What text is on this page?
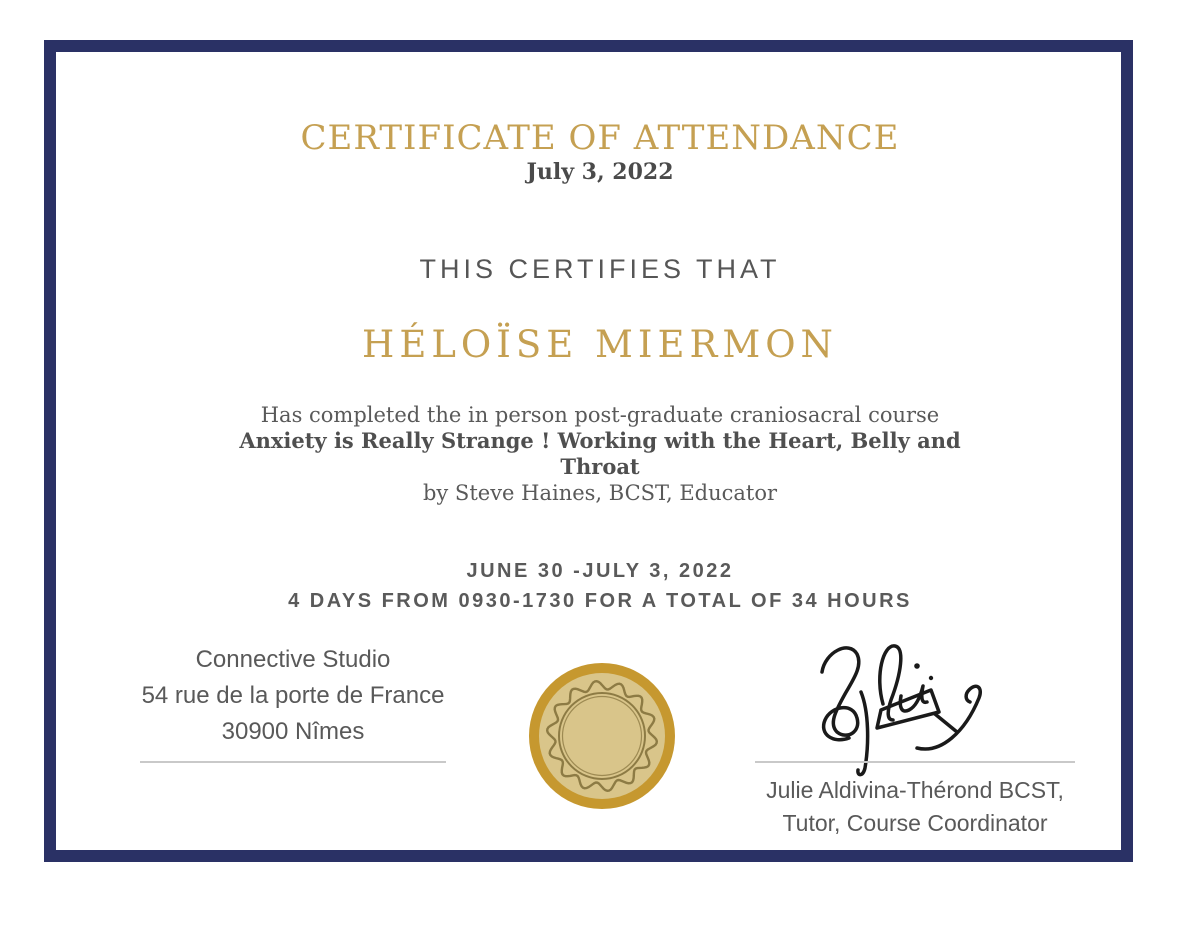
CERTIFICATE OF ATTENDANCE
July 3, 2022
THIS CERTIFIES THAT
HÉLOÏSE MIERMON
Has completed the in person post-graduate craniosacral course
Anxiety is Really Strange ! Working with the Heart, Belly and
Throat
by Steve Haines, BCST, Educator
JUNE 30 -JULY 3, 2022
4 DAYS FROM 0930-1730 FOR A TOTAL OF 34 HOURS
Connective Studio
54 rue de la porte de France
30900 Nîmes
Julie Aldivina-Thérond BCST,
Tutor, Course Coordinator
